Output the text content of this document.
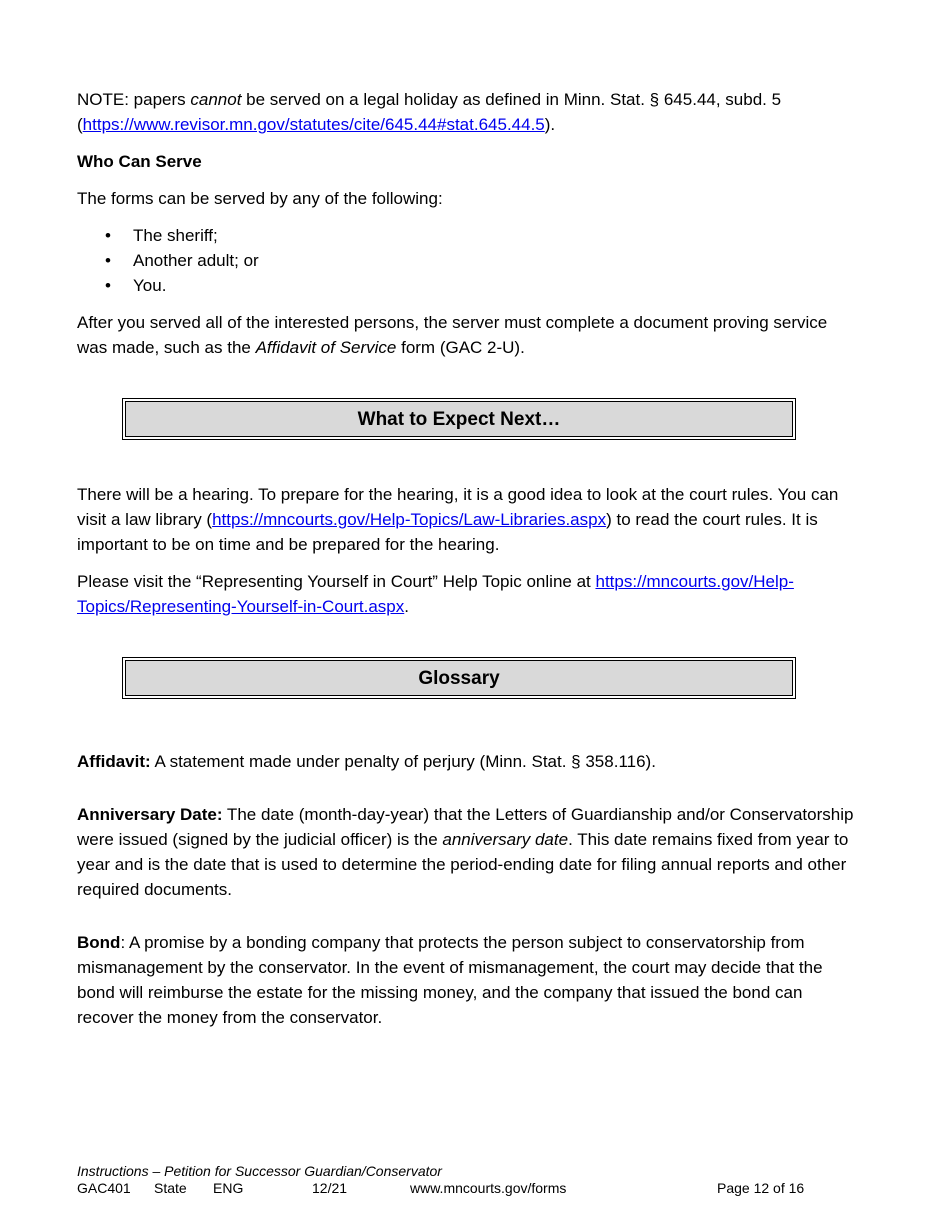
NOTE: papers cannot be served on a legal holiday as defined in Minn. Stat. § 645.44, subd. 5
(https://www.revisor.mn.gov/statutes/cite/645.44#stat.645.44.5).

Who Can Serve

The forms can be served by any of the following:

• The sheriff;
• Another adult; or
• You.

After you served all of the interested persons, the server must complete a document proving service was made, such as the Affidavit of Service form (GAC 2-U).

What to Expect Next…

There will be a hearing. To prepare for the hearing, it is a good idea to look at the court rules. You can visit a law library (https://mncourts.gov/Help-Topics/Law-Libraries.aspx) to read the court rules. It is important to be on time and be prepared for the hearing.

Please visit the “Representing Yourself in Court” Help Topic online at https://mncourts.gov/Help-Topics/Representing-Yourself-in-Court.aspx.

Glossary

Affidavit: A statement made under penalty of perjury (Minn. Stat. § 358.116).

Anniversary Date: The date (month-day-year) that the Letters of Guardianship and/or Conservatorship were issued (signed by the judicial officer) is the anniversary date. This date remains fixed from year to year and is the date that is used to determine the period-ending date for filing annual reports and other required documents.

Bond: A promise by a bonding company that protects the person subject to conservatorship from mismanagement by the conservator. In the event of mismanagement, the court may decide that the bond will reimburse the estate for the missing money, and the company that issued the bond can recover the money from the conservator.

Instructions – Petition for Successor Guardian/Conservator
GAC401 State ENG	12/21	www.mncourts.gov/forms	Page 12 of 16
